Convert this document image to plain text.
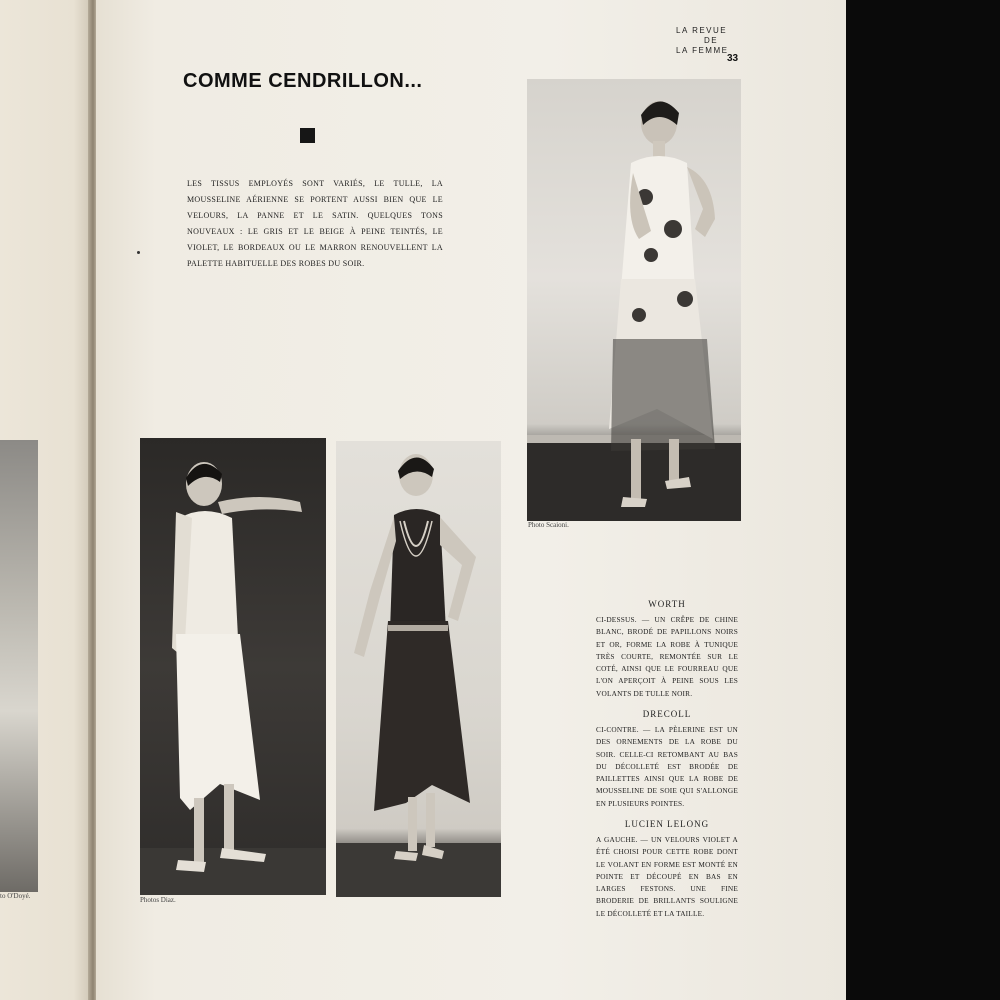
to O'Doyé.
LA REVUE
DE
LA FEMME
33
COMME CENDRILLON...
LES TISSUS EMPLOYÉS SONT VARIÉS, LE TULLE, LA MOUSSELINE AÉRIENNE SE PORTENT AUSSI BIEN QUE LE VELOURS, LA PANNE ET LE SATIN. QUELQUES TONS NOUVEAUX : LE GRIS ET LE BEIGE À PEINE TEINTÉS, LE VIOLET, LE BORDEAUX OU LE MARRON RENOUVELLENT LA PALETTE HABITUELLE DES ROBES DU SOIR.
Photo Scaioni.
Photos Diaz.
WORTH
CI-DESSUS. — UN CRÊPE DE CHINE BLANC, BRODÉ DE PAPILLONS NOIRS ET OR, FORME LA ROBE À TUNIQUE TRÈS COURTE, REMONTÉE SUR LE COTÉ, AINSI QUE LE FOURREAU QUE L'ON APERÇOIT À PEINE SOUS LES VOLANTS DE TULLE NOIR.
DRECOLL
CI-CONTRE. — LA PÈLERINE EST UN DES ORNEMENTS DE LA ROBE DU SOIR. CELLE-CI RETOMBANT AU BAS DU DÉCOLLETÉ EST BRODÉE DE PAILLETTES AINSI QUE LA ROBE DE MOUSSELINE DE SOIE QUI S'ALLONGE EN PLUSIEURS POINTES.
LUCIEN LELONG
A GAUCHE. — UN VELOURS VIOLET A ÉTÉ CHOISI POUR CETTE ROBE DONT LE VOLANT EN FORME EST MONTÉ EN POINTE ET DÉCOUPÉ EN BAS EN LARGES FESTONS. UNE FINE BRODERIE DE BRILLANTS SOULIGNE LE DÉCOLLETÉ ET LA TAILLE.
